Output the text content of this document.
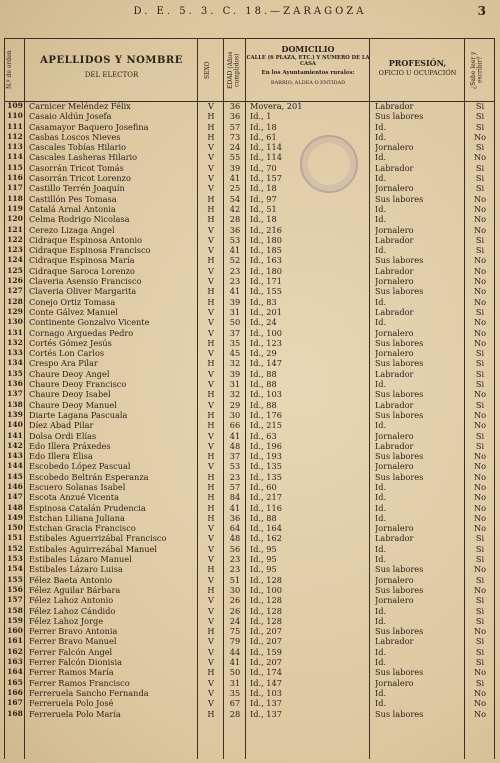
D. E. 5. 3. C. 18.—ZARAGOZA	3
N.º de orden	APELLIDOS Y NOMBRE
DEL ELECTOR	SEXO	EDAD (Años cumplidos)
DOMICILIO
CALLE (6 PLAZA, ETC.) Y NÚMERO DE LA CASA
En los Ayuntamientos rurales:
BARRIO, ALDEA O ENTIDAD
PROFESIÓN,
OFICIO U OCUPACIÓN	¿Sabe leer y escribir?
109 Carnicer Meléndez Félix	V	36	Movera, 201	Labrador	Si
110 Casaio Aldún Josefa	H	36	Id., 1	Sus labores	Si
111 Casamayor Baquero Josefina	H	57	Id., 18	Id.	Si
112 Casbas Loscos Nieves	H	73	Id., 61	Id.	No
113 Cascales Tobías Hilario	V	24	Id., 114	Jornalero	Si
114 Cascales Lasheras Hilario	V	55	Id., 114	Id.	No
115 Casorrán Tricot Tomás	V	39	Id., 70	Labrador	Si
116 Casorrán Tricot Lorenzo	V	41	Id., 157	Id.	Si
117 Castillo Terrén Joaquín	V	25	Id., 18	Jornalero	Si
118 Castillón Pes Tomasa	H	54	Id., 97	Sus labores	No
119 Catalá Arnal Antonia	H	42	Id., 51	Id.	No
120 Celma Rodrigo Nicolasa	H	28	Id., 18	Id.	No
121 Cerezo Lizaga Angel	V	36	Id., 216	Jornalero	No
122 Cidraque Espinosa Antonio	V	53	Id., 180	Labrador	Si
123 Cidraque Espinosa Francisco	V	41	Id., 185	Id.	Si
124 Cidraque Espinosa María	H	52	Id., 163	Sus labores	No
125 Cidraque Saroca Lorenzo	V	23	Id., 180	Labrador	No
126 Claveria Asensio Francisco	V	23	Id., 171	Jornalero	No
127 Claveria Oliver Margarita	H	41	Id., 155	Sus labores	No
128 Conejo Ortiz Tomasa	H	39	Id., 83	Id.	No
129 Conte Gálvez Manuel	V	31	Id., 201	Labrador	Si
130 Continente Gonzalvo Vicente	V	50	Id., 24	Id.	No
131 Cornago Arguedas Pedro	V	37	Id., 100	Jornalero	No
132 Cortés Gómez Jesús	H	35	Id., 123	Sus labores	No
133 Cortés Lon Carlos	V	45	Id., 29	Jornalero	Si
134 Crespo Ara Pilar	H	32	Id., 147	Sus labores	Si
135 Chaure Deoy Angel	V	39	Id., 88	Labrador	Si
136 Chaure Deoy Francisco	V	31	Id., 88	Id.	Si
137 Chaure Deoy Isabel	H	32	Id., 103	Sus labores	No
138 Chaure Deoy Manuel	V	29	Id., 88	Labrador	Si
139 Diarte Lagana Pascuala	H	30	Id., 176	Sus labores	No
140 Díez Abad Pilar	H	66	Id., 215	Id.	No
141 Dolsa Ordi Elías	V	41	Id., 63	Jornalero	Si
142 Edo Illera Práxedes	V	48	Id., 196	Labrador	Si
143 Edo Illera Elisa	H	37	Id., 193	Sus labores	No
144 Escobedo López Pascual	V	53	Id., 135	Jornalero	No
145 Escobedo Beltrán Esperanza	H	23	Id., 135	Sus labores	No
146 Escuero Solanas Isabel	H	57	Id., 60	Id.	No
147 Escota Anzué Vicenta	H	84	Id., 217	Id.	No
148 Espinosa Catalán Prudencia	H	41	Id., 116	Id.	No
149 Estchan Liliana Juliana	H	36	Id., 88	Id.	No
150 Estchan Gracia Francisco	V	64	Id., 164	Jornalero	No
151 Estibales Aguerrizábal Francisco	V	48	Id., 162	Labrador	Si
152 Estibales Aguirrezábal Manuel	V	56	Id., 95	Id.	Si
153 Estibales Lázaro Manuel	V	23	Id., 95	Id.	Si
154 Estibales Lázaro Luisa	H	23	Id., 95	Sus labores	No
155 Félez Baeta Antonio	V	51	Id., 128	Jornalero	Si
156 Félez Aguilar Bárbara	H	30	Id., 100	Sus labores	No
157 Félez Lahoz Antonio	V	26	Id., 128	Jornalero	Si
158 Félez Lahoz Cándido	V	26	Id., 128	Id.	Si
159 Félez Lahoz Jorge	V	24	Id., 128	Id.	Si
160 Ferrer Bravo Antonia	H	75	Id., 207	Sus labores	No
161 Ferrer Bravo Manuel	V	79	Id., 207	Labrador	Si
162 Ferrer Falcón Angel	V	44	Id., 159	Id.	Si
163 Ferrer Falcón Dionisia	V	41	Id., 207	Id.	Si
164 Ferrer Ramos María	H	50	Id., 174	Sus labores	No
165 Ferrer Ramos Francisco	V	31	Id., 147	Jornalero	Si
166 Ferreruela Sancho Fernanda	V	35	Id., 103	Id.	No
167 Ferreruela Polo José	V	67	Id., 137	Id.	No
168 Ferreruela Polo María	H	28	Id., 137	Sus labores	No
